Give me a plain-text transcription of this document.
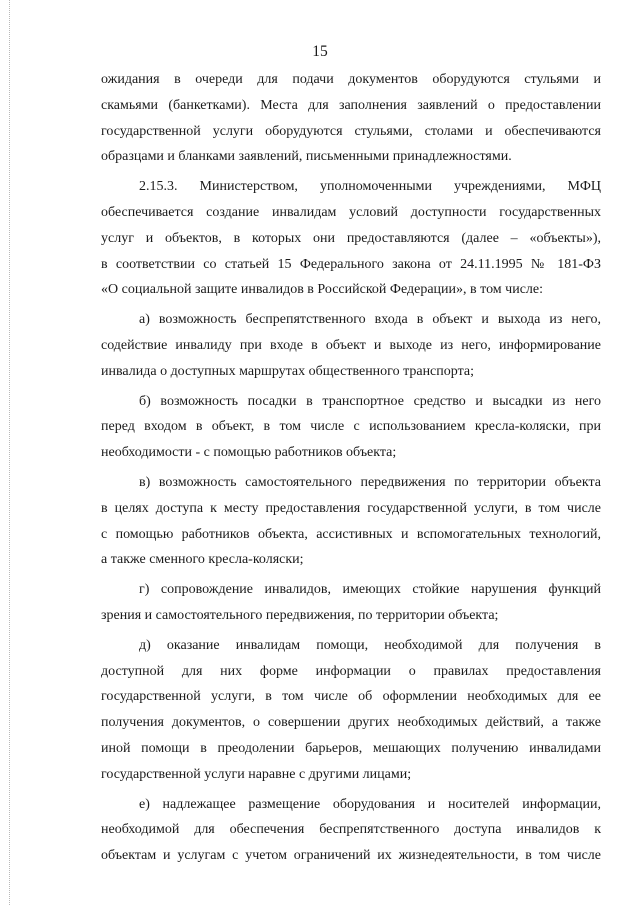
15
ожидания в очереди для подачи документов оборудуются стульями и
скамьями (банкетками). Места для заполнения заявлений о предоставлении
государственной услуги оборудуются стульями, столами и обеспечиваются
образцами и бланками заявлений, письменными принадлежностями.
2.15.3. Министерством, уполномоченными учреждениями, МФЦ
обеспечивается создание инвалидам условий доступности государственных
услуг и объектов, в которых они предоставляются (далее – «объекты»),
в соответствии со статьей 15 Федерального закона от 24.11.1995 № 181-ФЗ
«О социальной защите инвалидов в Российской Федерации», в том числе:
а) возможность беспрепятственного входа в объект и выхода из него,
содействие инвалиду при входе в объект и выходе из него, информирование
инвалида о доступных маршрутах общественного транспорта;
б) возможность посадки в транспортное средство и высадки из него
перед входом в объект, в том числе с использованием кресла-коляски, при
необходимости - с помощью работников объекта;
в) возможность самостоятельного передвижения по территории объекта
в целях доступа к месту предоставления государственной услуги, в том числе
с помощью работников объекта, ассистивных и вспомогательных технологий,
а также сменного кресла-коляски;
г) сопровождение инвалидов, имеющих стойкие нарушения функций
зрения и самостоятельного передвижения, по территории объекта;
д) оказание инвалидам помощи, необходимой для получения в
доступной для них форме информации о правилах предоставления
государственной услуги, в том числе об оформлении необходимых для ее
получения документов, о совершении других необходимых действий, а также
иной помощи в преодолении барьеров, мешающих получению инвалидами
государственной услуги наравне с другими лицами;
е) надлежащее размещение оборудования и носителей информации,
необходимой для обеспечения беспрепятственного доступа инвалидов к
объектам и услугам с учетом ограничений их жизнедеятельности, в том числе
